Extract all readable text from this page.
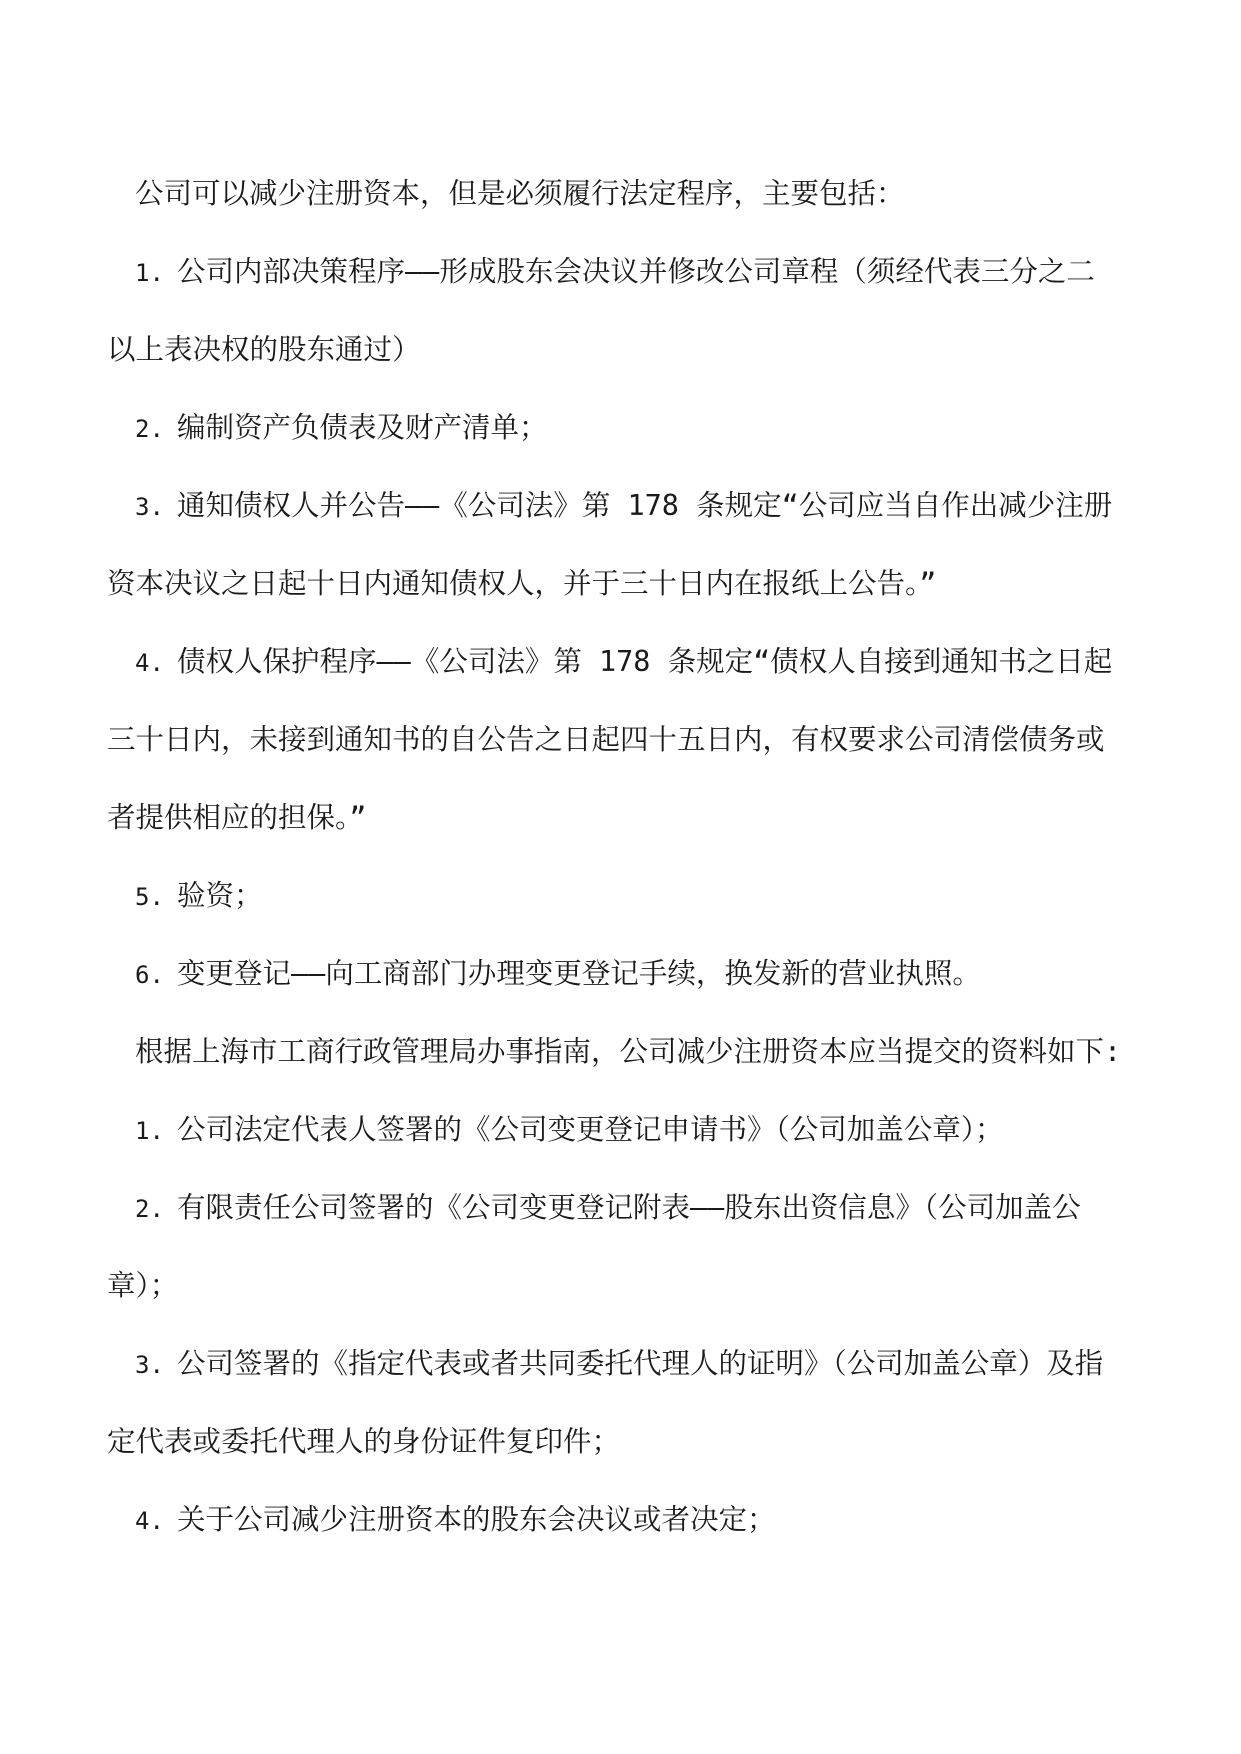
公司可以减少注册资本，但是必须履行法定程序，主要包括：
1. 公司内部决策程序——形成股东会决议并修改公司章程（须经代表三分之二
以上表决权的股东通过）
2. 编制资产负债表及财产清单；
3. 通知债权人并公告——《公司法》第 178 条规定“公司应当自作出减少注册
资本决议之日起十日内通知债权人，并于三十日内在报纸上公告。”
4. 债权人保护程序——《公司法》第 178 条规定“债权人自接到通知书之日起
三十日内，未接到通知书的自公告之日起四十五日内，有权要求公司清偿债务或
者提供相应的担保。”
5. 验资；
6. 变更登记——向工商部门办理变更登记手续，换发新的营业执照。
根据上海市工商行政管理局办事指南，公司减少注册资本应当提交的资料如下:
1. 公司法定代表人签署的《公司变更登记申请书》（公司加盖公章）；
2. 有限责任公司签署的《公司变更登记附表——股东出资信息》（公司加盖公
章）；
3. 公司签署的《指定代表或者共同委托代理人的证明》（公司加盖公章）及指
定代表或委托代理人的身份证件复印件；
4. 关于公司减少注册资本的股东会决议或者决定；
